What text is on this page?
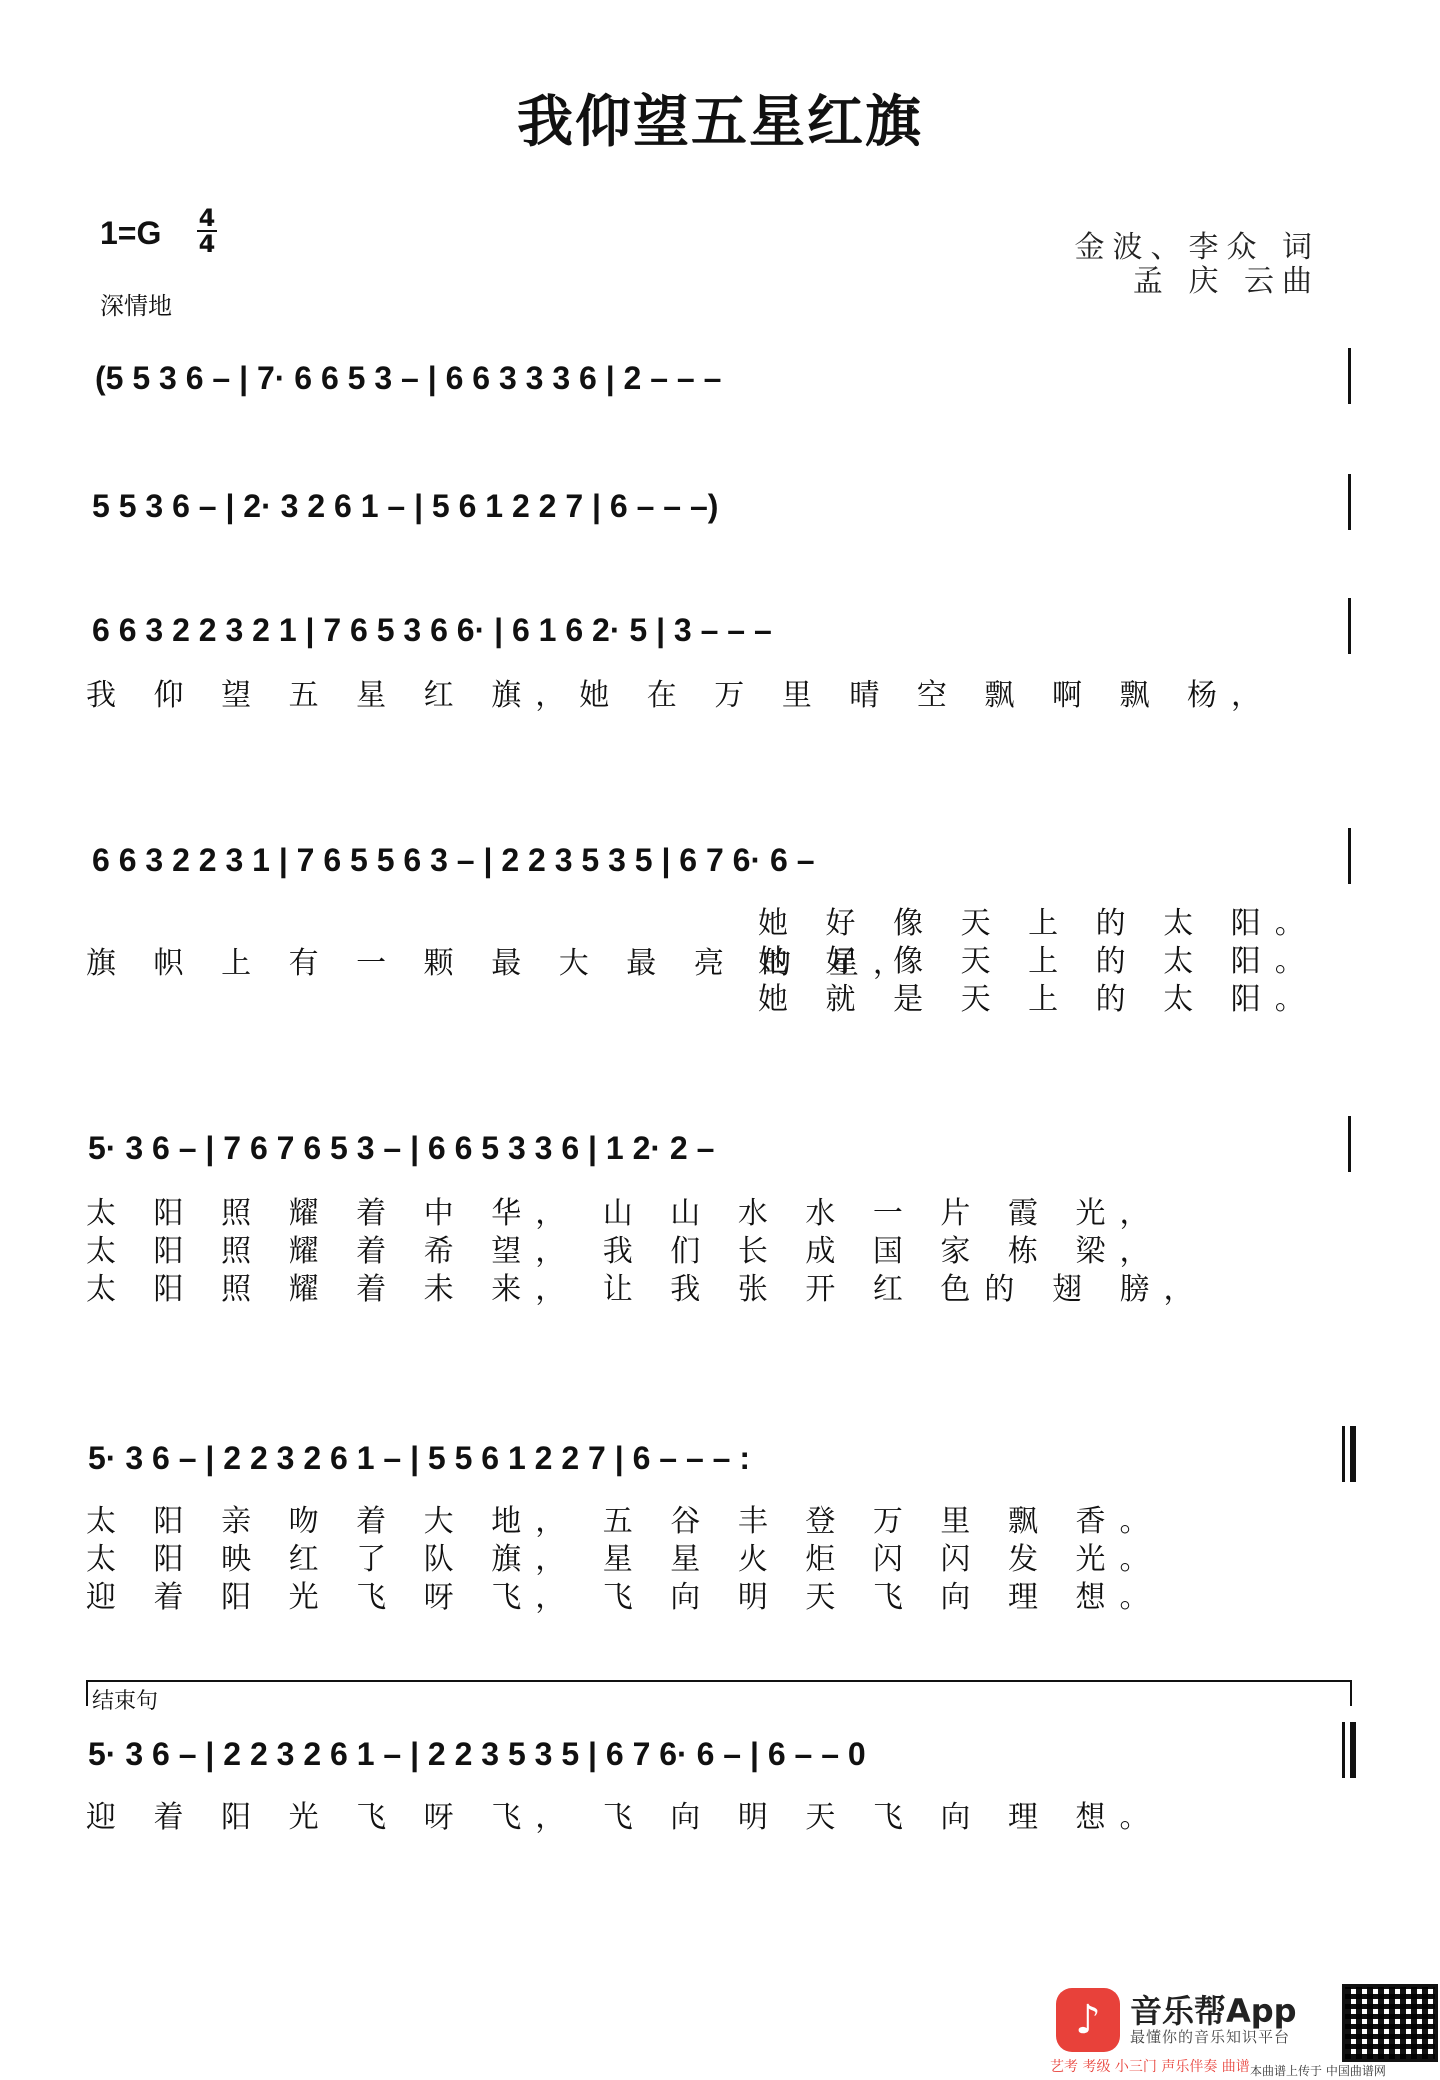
我仰望五星红旗
1=G 4
4
深情地
金波、李众 词
孟 庆 云曲
(5 5 3 6 – | 7· 6 6 5 3 – | 6 6 3 3 3 6 | 2 – – –
5 5 3 6 – | 2· 3 2 6 1 – | 5 6 1 2 2 7 | 6 – – –)
6 6 3 2 2 3 2 1 | 7 6 5 3 6 6· | 6 1 6 2· 5 | 3 – – –
我 仰 望 五 星 红 旗，她 在 万 里 晴 空 飘 啊 飘 杨，
6 6 3 2 2 3 1 | 7 6 5 5 6 3 – | 2 2 3 5 3 5 | 6 7 6· 6 –
旗 帜 上 有 一 颗 最 大 最 亮 的 星，
她 好 像 天 上 的 太 阳。
她 好 像 天 上 的 太 阳。
她 就 是 天 上 的 太 阳。
5· 3 6 – | 7 6 7 6 5 3 – | 6 6 5 3 3 6 | 1 2· 2 –
太 阳 照 耀 着 中 华， 山 山 水 水 一 片 霞 光，
太 阳 照 耀 着 希 望， 我 们 长 成 国 家 栋 梁，
太 阳 照 耀 着 未 来， 让 我 张 开 红 色的 翅 膀，
5· 3 6 – | 2 2 3 2 6 1 – | 5 5 6 1 2 2 7 | 6 – – – :
太 阳 亲 吻 着 大 地， 五 谷 丰 登 万 里 飘 香。
太 阳 映 红 了 队 旗， 星 星 火 炬 闪 闪 发 光。
迎 着 阳 光 飞 呀 飞， 飞 向 明 天 飞 向 理 想。
结束句
5· 3 6 – | 2 2 3 2 6 1 – | 2 2 3 5 3 5 | 6 7 6· 6 – | 6 – – 0
迎 着 阳 光 飞 呀 飞， 飞 向 明 天 飞 向 理 想。
♪ 音乐帮App
最懂你的音乐知识平台
艺考 考级 小三门 声乐伴奏 曲谱 本曲谱上传于 中国曲谱网
